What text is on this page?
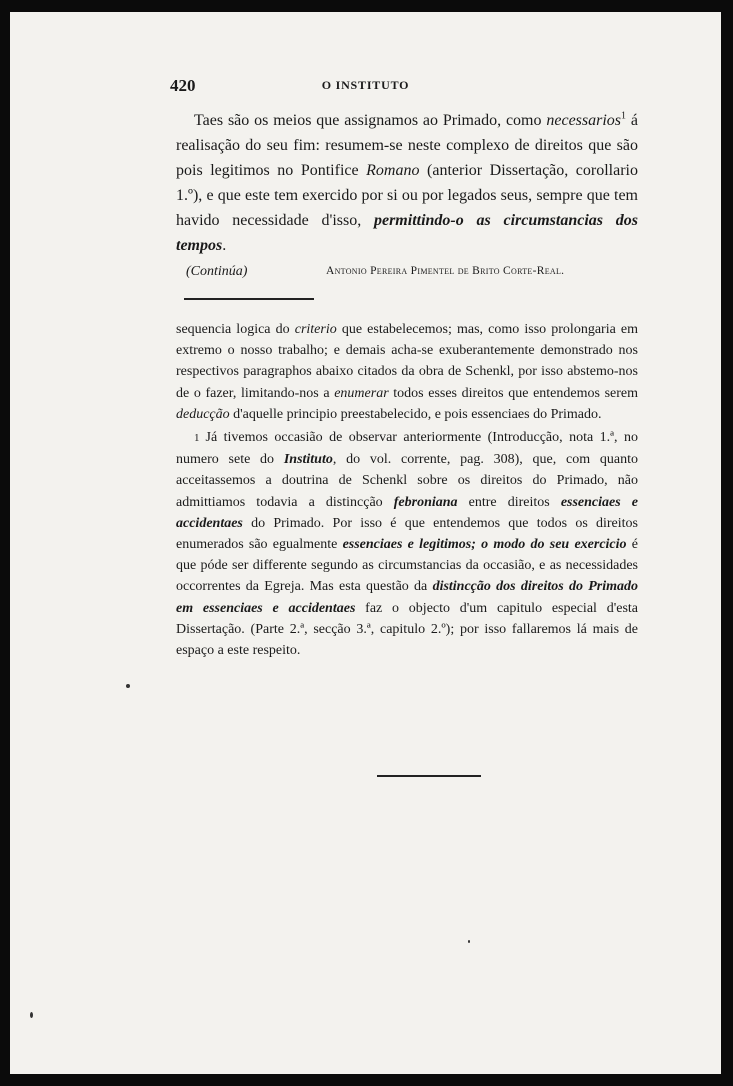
420	O INSTITUTO

Taes são os meios que assignamos ao Primado, como necessarios$^1$ á realisação do seu fim: resumem-se neste complexo de direitos que são pois legitimos no Pontifice Romano (anterior Dissertação, corollario 1.º), e que este tem exercido por si ou por legados seus, sempre que tem havido necessidade d'isso, permittindo-o as circumstancias dos tempos.

(Continúa)	Antonio Pereira Pimentel de Brito Corte-Real.

sequencia logica do criterio que estabelecemos; mas, como isso prolongaria em extremo o nosso trabalho; e demais acha-se exuberantemente demonstrado nos respectivos paragraphos abaixo citados da obra de Schenkl, por isso abstemo-nos de o fazer, limitando-nos a enumerar todos esses direitos que entendemos serem deducção d'aquelle principio preestabelecido, e pois essenciaes do Primado.

1 Já tivemos occasião de observar anteriormente (Introducção, nota 1.ª, no numero sete do Instituto, do vol. corrente, pag. 308), que, com quanto acceitassemos a doutrina de Schenkl sobre os direitos do Primado, não admittiamos todavia a distincção febroniana entre direitos essenciaes e accidentaes do Primado. Por isso é que entendemos que todos os direitos enumerados são egualmente essenciaes e legitimos; o modo do seu exercicio é que póde ser differente segundo as circumstancias da occasião, e as necessidades occorrentes da Egreja. Mas esta questão da distincção dos direitos do Primado em essenciaes e accidentaes faz o objecto d'um capitulo especial d'esta Dissertação. (Parte 2.ª, secção 3.ª, capitulo 2.º); por isso fallaremos lá mais de espaço a este respeito.
